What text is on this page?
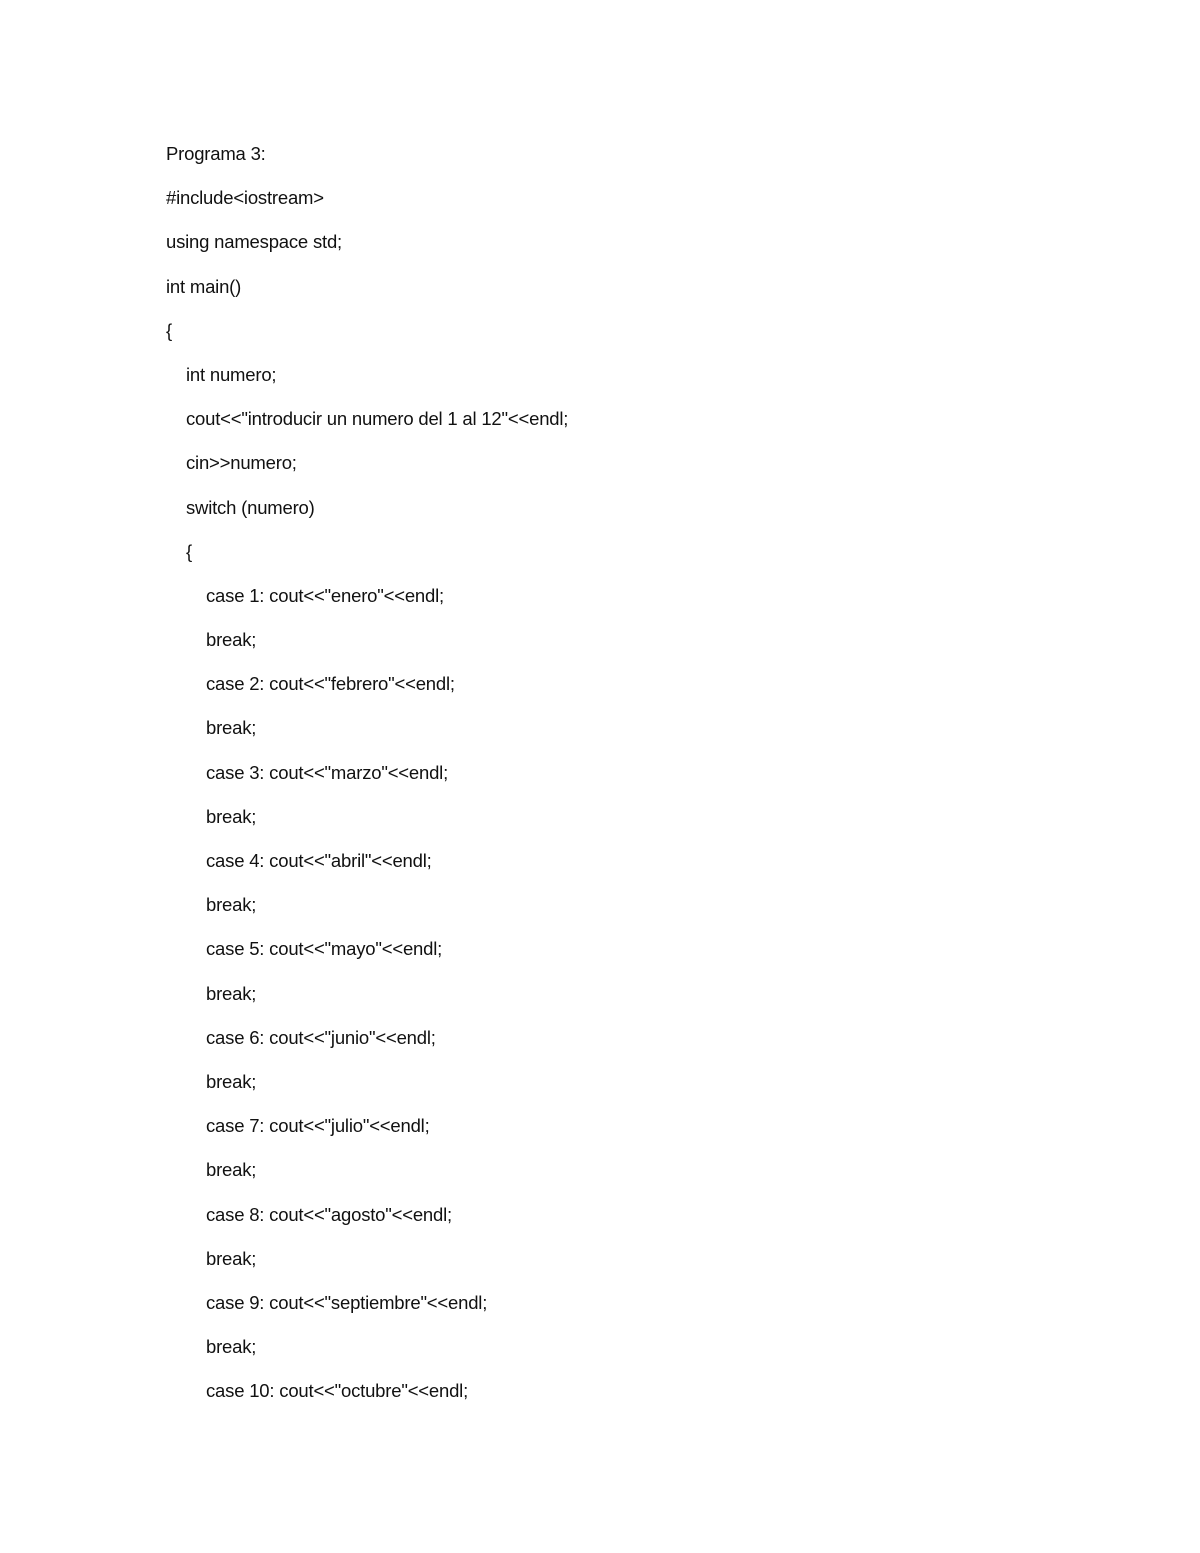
Programa 3:
#include<iostream>
using namespace std;
int main()
{
int numero;
cout<<"introducir un numero del 1 al 12"<<endl;
cin>>numero;
switch (numero)
{
case 1: cout<<"enero"<<endl;
break;
case 2: cout<<"febrero"<<endl;
break;
case 3: cout<<"marzo"<<endl;
break;
case 4: cout<<"abril"<<endl;
break;
case 5: cout<<"mayo"<<endl;
break;
case 6: cout<<"junio"<<endl;
break;
case 7: cout<<"julio"<<endl;
break;
case 8: cout<<"agosto"<<endl;
break;
case 9: cout<<"septiembre"<<endl;
break;
case 10: cout<<"octubre"<<endl;
